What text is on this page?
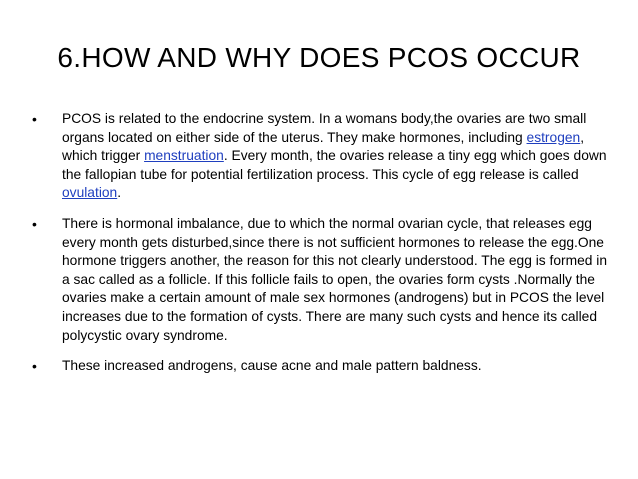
6.HOW AND WHY DOES PCOS OCCUR
• PCOS is related to the endocrine system. In a womans body,the ovaries are two small organs located on either side of the uterus. They make hormones, including estrogen, which trigger menstruation. Every month, the ovaries release a tiny egg which goes down the fallopian tube for potential fertilization process. This cycle of egg release is called ovulation.
• There is hormonal imbalance, due to which the normal ovarian cycle, that releases egg every month gets disturbed,since there is not sufficient hormones to release the egg.One hormone triggers another, the reason for this not clearly understood. The egg is formed in a sac called as a follicle. If this follicle fails to open, the ovaries form cysts .Normally the ovaries make a certain amount of male sex hormones (androgens) but in PCOS the level increases due to the formation of cysts. There are many such cysts and hence its called polycystic ovary syndrome.
• These increased androgens, cause acne and male pattern baldness.
